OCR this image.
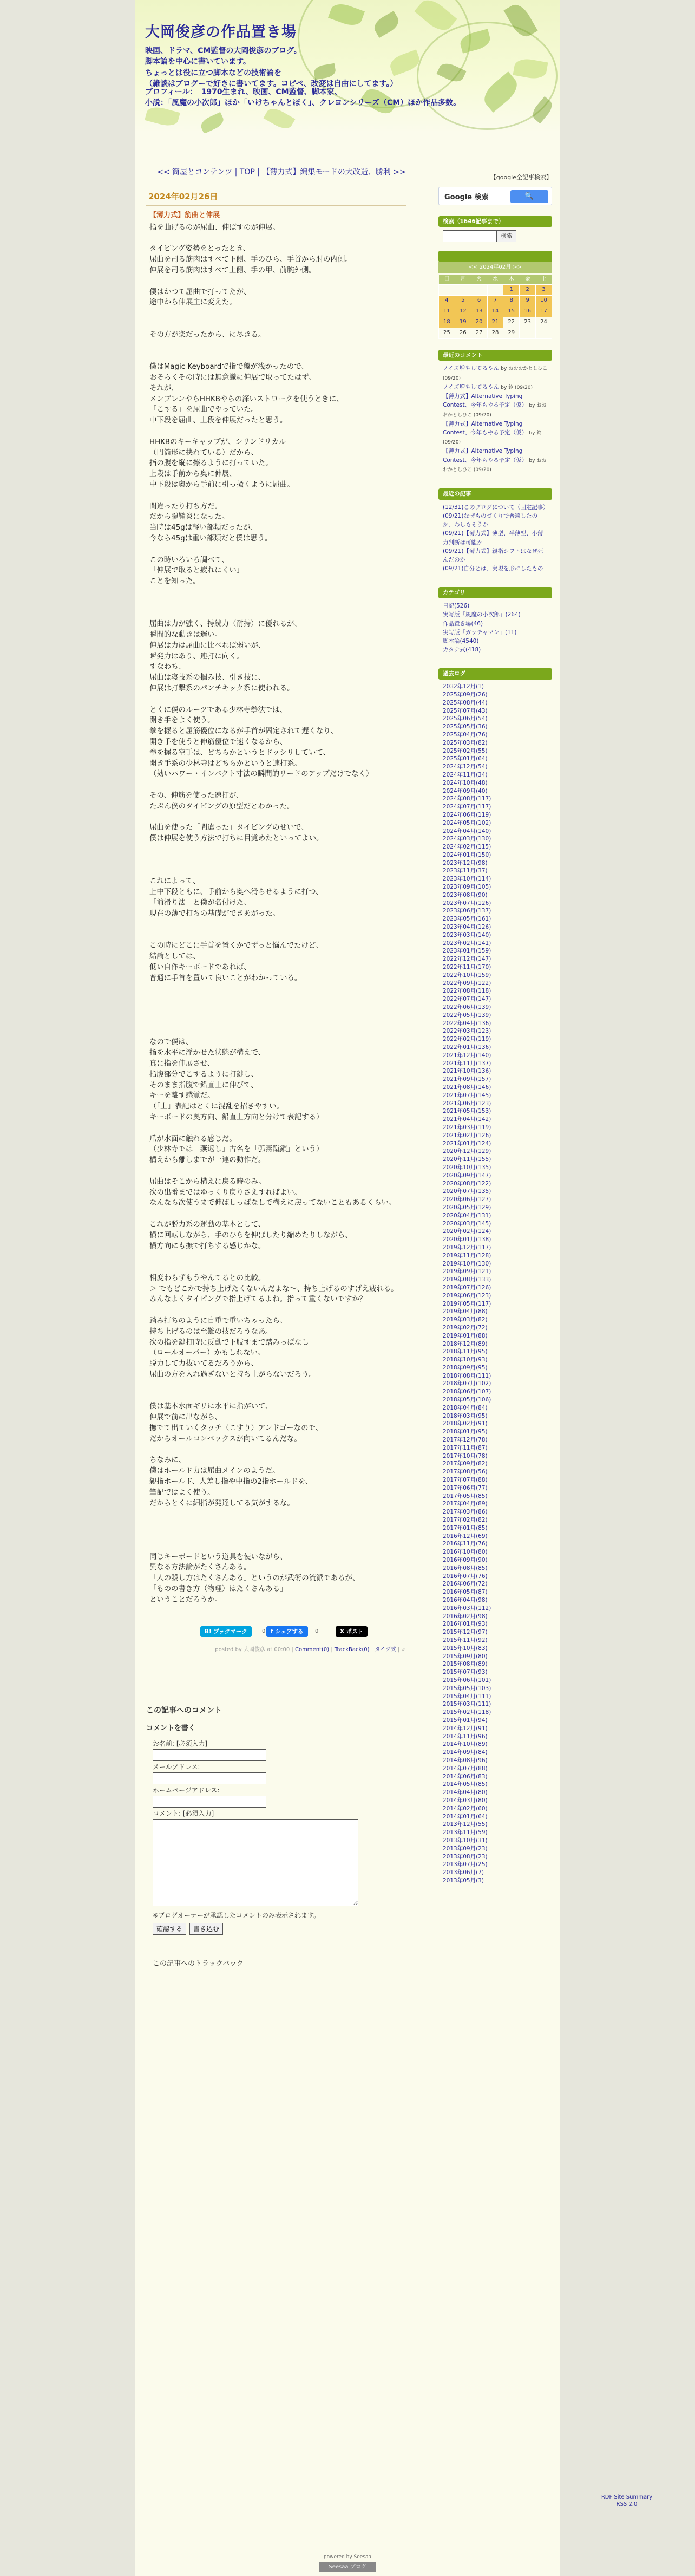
大岡俊彦の作品置き場

映画、ドラマ、CM監督の大岡俊彦のブログ。

脚本論を中心に書いています。

ちょっとは役に立つ脚本などの技術論を

（雑談はブログーで好きに書いてます。コピペ、改変は自由にしてます。）

プロフィール：　1970生まれ、映画、CM監督、脚本家、

小説：「風魔の小次郎」ほか「いけちゃんとぼく」、クレヨンシリーズ（CM）ほか作品多数。

<< 筒屋とコンテンツ | TOP | 【薄力式】編集モードの大改造、勝利 >>
2024年02月26日
【薄力式】筋曲と伸展

指を曲げるのが屈曲、伸ばすのが伸展。

タイピング姿勢をとったとき、

屈曲を司る筋肉はすべて下側、手のひら、手首から肘の内側。

伸展を司る筋肉はすべて上側、手の甲、前腕外側。

僕はかつて屈曲で打ってたが、

途中から伸展主に変えた。

その方が楽だったから、に尽きる。

僕はMagic Keyboardで指で盤が浅かったので、

おそらくその時には無意識に伸展で取ってたはず。

それが、

メンブレンやらHHKBやらの深いストロークを使うときに、

「こする」を屈曲でやっていた。

中下段を屈曲、上段を伸展だったと思う。

HHKBのキーキャップが、シリンドリカル

（円筒形に抉れている）だから、

指の腹を縦に擦るように打っていた。

上段は手前から奥に伸展、

中下段は奥から手前に引っ掻くように屈曲。

間違ったり打ち方だ。

だから腱鞘炎になった。

当時は45gは軽い部類だったが、

今なら45gは重い部類だと僕は思う。

この時いろいろ調べて、

「伸展で取ると疲れにくい」

ことを知った。

屈曲は力が強く、持続力（耐持）に優れるが、

瞬間的な動きは遅い。

伸展は力は屈曲に比べれば弱いが、

瞬発力はあり、連打に向く。

すなわち、

屈曲は寝技系の掴み技、引き技に、

伸展は打撃系のパンチキック系に使われる。

とくに僕のルーツである少林寺拳法では、

開き手をよく使う。

拳を握ると屈筋優位になるが手首が固定されて遅くなり、

開き手を使うと伸筋優位で速くなるから、

拳を握る空手は、どちらかというとドッシリしていて、

開き手系の少林寺はどちらかというと速打系。

（効いパワー・インパクト寸法の瞬間的リードのアップだけでなく）

その、伸筋を使った速打が、

たぶん僕のタイピングの原型だとわかった。

屈曲を使った「間違った」タイピングのせいで、

僕は伸展を使う方法で打ちに目覚めたといってよい。

これによって、

上中下段ともに、手前から奥へ滑らせるように打つ、

「前滑り法」と僕が名付けた、

現在の薄で打ちの基礎ができあがった。

この時にどこに手首を置くかでずっと悩んでたけど、

結論としては、

低い自作キーボードであれば、

普通に手首を置いて良いことがわかっている。

なので僕は、

指を水平に浮かせた状態が構えで、

真に指を伸展させ、

指腹部分でこするように打鍵し、

そのまま指腹で鉛直上に伸びて、

キーを離す感覚だ。

（「上」表記はとくに混乱を招きやすい。

キーボードの奥方向、鉛直上方向と分けて表記する）

爪が水面に触れる感じだ。

（少林寺では「燕返し」古名を「弧燕蹴鎖」という）

構えから離しまでが一連の動作だ。

屈曲はそこから構えに戻る時のみ。

次の出番まではゆっくり戻りさえすればよい。

なんなら次使うまで伸ばしっぱなしで構えに戻ってないこともあるくらい。

これが脱力系の運動の基本として、

横に回転しながら、手のひらを伸ばしたり縮めたりしながら、

横方向にも撫で打ちする感じかな。

相変わらずもうやんてるとの比較。

＞ でもどこかで持ち上げたくないんだよな〜、持ち上げるのすげえ疲れる。

みんなよくタイピングで指上げてるよね。指って重くないですか？

踏み打ちのように自重で重いちゃったら、

持ち上げるのは至難の技だろうなあ。

次の指を鍵打時に反動で下肢すまで踏みっぱなし

（ロールオーバー）かもしれない。

脱力して力抜いてるだろうから、

屈曲の方を入れ過ぎないと持ち上がらないだろう。

僕は基本水面ギリに水平に指がいて、

伸展で前に出ながら、

撫でて出ていくタッチ（こすり）アンドゴーなので、

だからオールコンペックスが向いてるんだな。

ちなみに、

僕はホールド力は屈曲メインのようだ。

親指ホールド、人差し指や中指の2指ホールドを、

筆記ではよく使う。

だからとくに細指が発達してる気がするな。

同じキーボードという道具を使いながら、

異なる方法論がたくさんある。

「人の殺し方はたくさんある」というのが武術の流派であるが、

「ものの書き方（物理）はたくさんある」

ということだろうか。

B! ブックマーク	0 f シェアする	0	X ポスト
posted by 大岡俊彦 at 00:00 | Comment(0) | TrackBack(0) | タイグ式 | ⇗
この記事へのコメント
コメントを書く
お名前: [必須入力]
メールアドレス:
ホームページアドレス:
コメント: [必須入力]
※ブログオーナーが承認したコメントのみ表示されます。
確認する 書き込む
この記事へのトラックバック
【google全記事検索】
Google 検索	🔍
検索（1646記事まで）
検索

<< 2024年02月 >>
日	月	火	水	木	金	土
				1	2	3
4	5	6	7	8	9	10
11	12	13	14	15	16	17
18	19	20	21	22	23	24
25	26	27	28	29		
最近のコメント
ノイズ増やしてるやん by おおおかとしひこ (09/20)
ノイズ増やしてるやん by 鈴 (09/20)
【薄力式】Alternative Typing Contest、今年もやる予定（仮） by おおおかとしひこ (09/20)
【薄力式】Alternative Typing Contest、今年もやる予定（仮） by 鈴 (09/20)
【薄力式】Alternative Typing Contest、今年もやる予定（仮） by おおおかとしひこ (09/20)
最近の記事
(12/31)このブログについて（固定記事）
(09/21)なぜものづくりで普遍したのか、わしもそうか
(09/21)【薄力式】薄型、半薄型、小薄力判断は可能か
(09/21)【薄力式】親指シフトはなぜ死んだのか
(09/21)自分とは、実現を形にしたもの
カテゴリ
日記(526)
実写版「風魔の小次郎」(264)
作品置き場(46)
実写版「ガッチャマン」(11)
脚本論(4540)
カタナ式(418)
過去ログ
2032年12月(1)
2025年09月(26)
2025年08月(44)
2025年07月(43)
2025年06月(54)
2025年05月(36)
2025年04月(76)
2025年03月(82)
2025年02月(55)
2025年01月(64)
2024年12月(54)
2024年11月(34)
2024年10月(48)
2024年09月(40)
2024年08月(117)
2024年07月(117)
2024年06月(119)
2024年05月(102)
2024年04月(140)
2024年03月(130)
2024年02月(115)
2024年01月(150)
2023年12月(98)
2023年11月(37)
2023年10月(114)
2023年09月(105)
2023年08月(90)
2023年07月(126)
2023年06月(137)
2023年05月(161)
2023年04月(126)
2023年03月(140)
2023年02月(141)
2023年01月(159)
2022年12月(147)
2022年11月(170)
2022年10月(159)
2022年09月(122)
2022年08月(118)
2022年07月(147)
2022年06月(139)
2022年05月(139)
2022年04月(136)
2022年03月(123)
2022年02月(119)
2022年01月(136)
2021年12月(140)
2021年11月(137)
2021年10月(136)
2021年09月(157)
2021年08月(146)
2021年07月(145)
2021年06月(123)
2021年05月(153)
2021年04月(142)
2021年03月(119)
2021年02月(126)
2021年01月(124)
2020年12月(129)
2020年11月(155)
2020年10月(135)
2020年09月(147)
2020年08月(122)
2020年07月(135)
2020年06月(127)
2020年05月(129)
2020年04月(131)
2020年03月(145)
2020年02月(124)
2020年01月(138)
2019年12月(117)
2019年11月(128)
2019年10月(130)
2019年09月(121)
2019年08月(133)
2019年07月(126)
2019年06月(123)
2019年05月(117)
2019年04月(88)
2019年03月(82)
2019年02月(72)
2019年01月(88)
2018年12月(89)
2018年11月(95)
2018年10月(93)
2018年09月(95)
2018年08月(111)
2018年07月(102)
2018年06月(107)
2018年05月(106)
2018年04月(84)
2018年03月(95)
2018年02月(91)
2018年01月(95)
2017年12月(78)
2017年11月(87)
2017年10月(78)
2017年09月(82)
2017年08月(56)
2017年07月(88)
2017年06月(77)
2017年05月(85)
2017年04月(89)
2017年03月(86)
2017年02月(82)
2017年01月(85)
2016年12月(69)
2016年11月(76)
2016年10月(80)
2016年09月(90)
2016年08月(85)
2016年07月(76)
2016年06月(72)
2016年05月(87)
2016年04月(98)
2016年03月(112)
2016年02月(98)
2016年01月(93)
2015年12月(97)
2015年11月(92)
2015年10月(83)
2015年09月(80)
2015年08月(89)
2015年07月(93)
2015年06月(101)
2015年05月(103)
2015年04月(111)
2015年03月(111)
2015年02月(118)
2015年01月(94)
2014年12月(91)
2014年11月(96)
2014年10月(89)
2014年09月(84)
2014年08月(96)
2014年07月(88)
2014年06月(83)
2014年05月(85)
2014年04月(80)
2014年03月(80)
2014年02月(60)
2014年01月(64)
2013年12月(55)
2013年11月(59)
2013年10月(31)
2013年09月(23)
2013年08月(23)
2013年07月(25)
2013年06月(7)
2013年05月(3)
RDF Site Summary
RSS 2.0
powered by Seesaa
Seesaa ブログ
